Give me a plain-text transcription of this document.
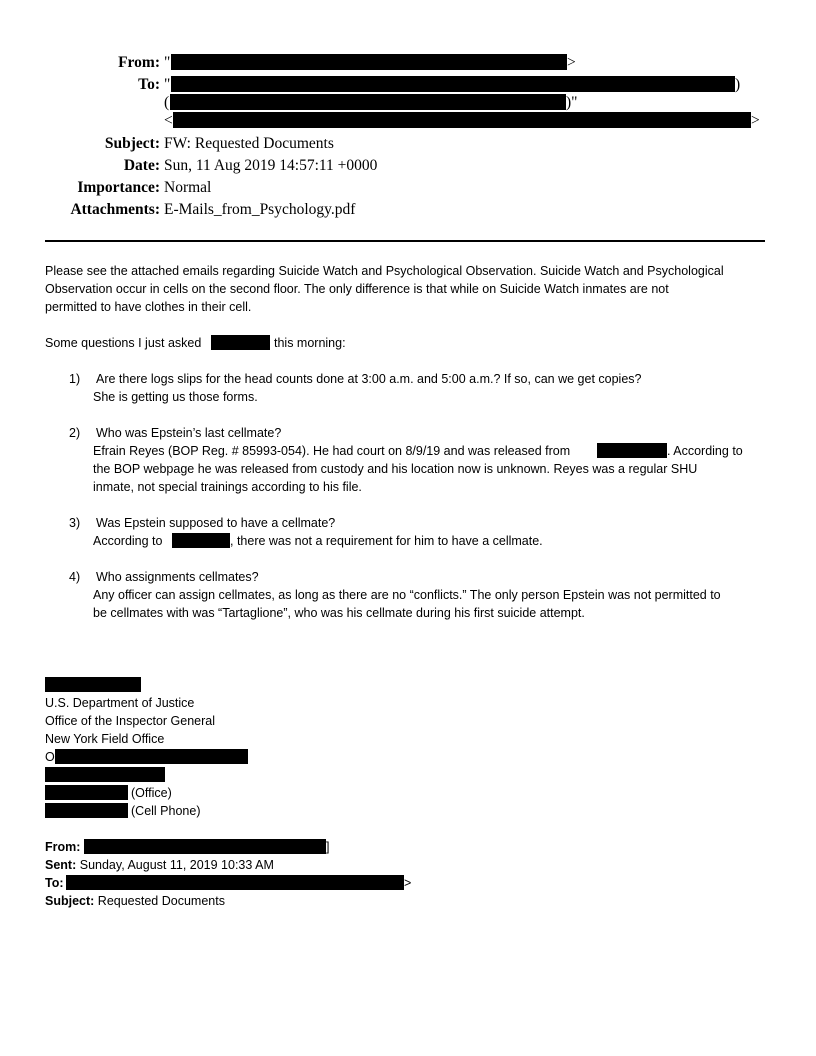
From: "	>
To: "	)
(	)"
<	>
Subject: FW: Requested Documents
Date: Sun, 11 Aug 2019 14:57:11 +0000
Importance: Normal
Attachments: E-Mails_from_Psychology.pdf
Please see the attached emails regarding Suicide Watch and Psychological Observation. Suicide Watch and Psychological
Observation occur in cells on the second floor. The only difference is that while on Suicide Watch inmates are not
permitted to have clothes in their cell.
Some questions I just asked	this morning:
1) Are there logs slips for the head counts done at 3:00 a.m. and 5:00 a.m.? If so, can we get copies?
She is getting us those forms.
2) Who was Epstein’s last cellmate?
Efrain Reyes (BOP Reg. # 85993-054). He had court on 8/9/19 and was released from	. According to
the BOP webpage he was released from custody and his location now is unknown. Reyes was a regular SHU
inmate, not special trainings according to his file.
3) Was Epstein supposed to have a cellmate?
According to	, there was not a requirement for him to have a cellmate.
4) Who assignments cellmates?
Any officer can assign cellmates, as long as there are no “conflicts.” The only person Epstein was not permitted to
be cellmates with was “Tartaglione”, who was his cellmate during his first suicide attempt.
U.S. Department of Justice
Office of the Inspector General
New York Field Office
O
(Office)
(Cell Phone)
From:	]
Sent: Sunday, August 11, 2019 10:33 AM
To:	>
Subject: Requested Documents
